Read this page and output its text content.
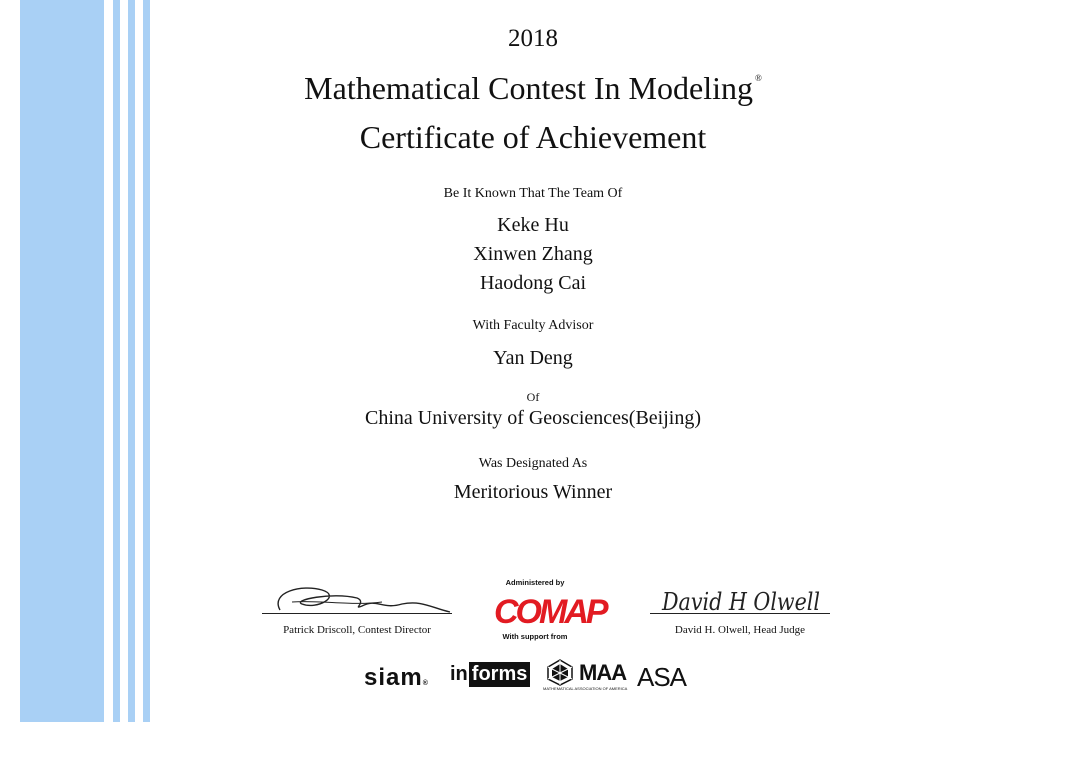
2018
Mathematical Contest In Modeling ®
Certificate of Achievement
Be It Known That The Team Of
Keke Hu
Xinwen Zhang
Haodong Cai
With Faculty Advisor
Yan Deng
Of
China University of Geosciences(Beijing)
Was Designated As
Meritorious Winner
Patrick Driscoll, Contest Director
Administered by
COMAP
With support from
David H Olwell
David H. Olwell, Head Judge
siam® in forms MAA
MATHEMATICAL ASSOCIATION OF AMERICA ASA
